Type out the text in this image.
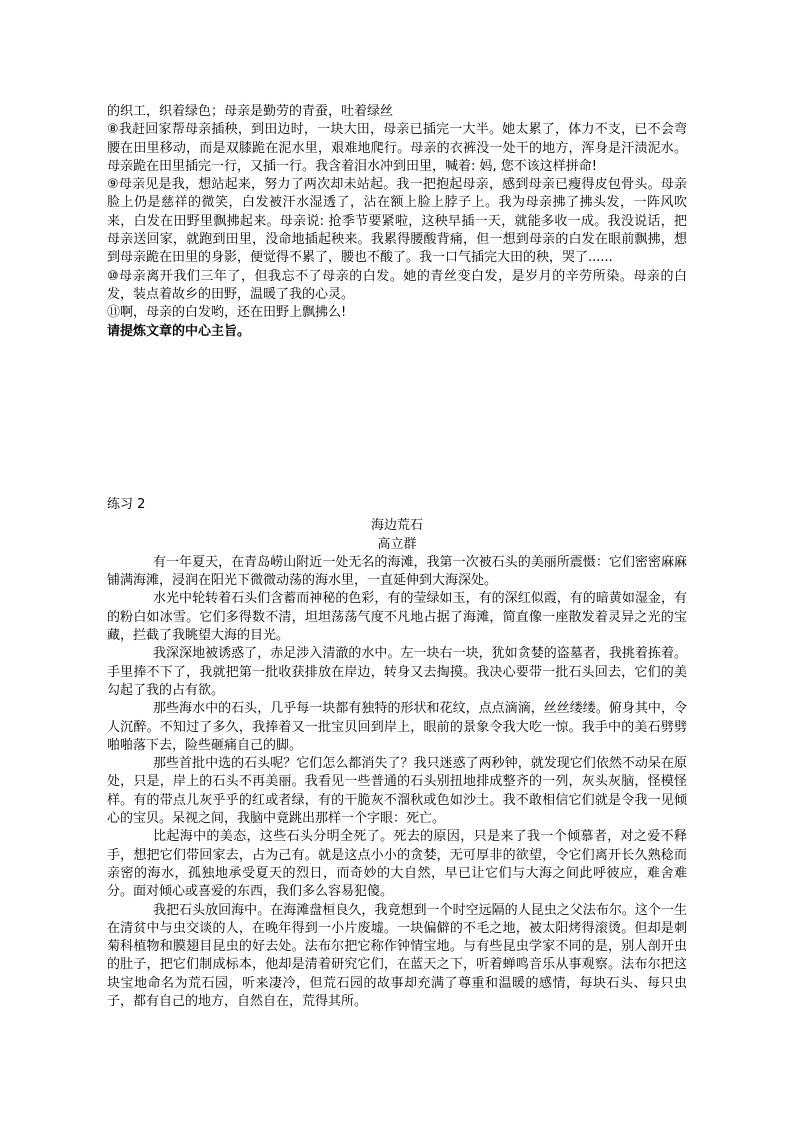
的织工，织着绿色；母亲是勤劳的青蚕，吐着绿丝

⑧我赶回家帮母亲插秧，到田边时，一块大田，母亲已插完一大半。她太累了，体力不支，已不会弯腰在田里移动，而是双膝跪在泥水里，艰难地爬行。母亲的衣裤没一处干的地方，浑身是汗渍泥水。母亲跪在田里插完一行，又插一行。我含着泪水冲到田里，喊着: 妈, 您不该这样拼命!

⑨母亲见是我，想站起来，努力了两次却未站起。我一把抱起母亲，感到母亲已瘦得皮包骨头。母亲脸上仍是慈祥的微笑，白发被汗水湿透了，沾在额上脸上脖子上。我为母亲拂了拂头发，一阵风吹来，白发在田野里飘拂起来。母亲说: 抢季节要紧啦，这秧早插一天，就能多收一成。我没说话，把母亲送回家，就跑到田里，没命地插起秧来。我累得腰酸背痛，但一想到母亲的白发在眼前飘拂，想到母亲跪在田里的身影，便觉得不累了，腰也不酸了。我一口气插完大田的秧，哭了......

⑩母亲离开我们三年了，但我忘不了母亲的白发。她的青丝变白发，是岁月的辛劳所染。母亲的白发，装点着故乡的田野，温暖了我的心灵。

⑪啊，母亲的白发哟，还在田野上飘拂么!

请提炼文章的中心主旨。

练习 2

海边荒石

高立群

有一年夏天，在青岛崂山附近一处无名的海滩，我第一次被石头的美丽所震慑：它们密密麻麻铺满海滩，浸润在阳光下微微动荡的海水里，一直延伸到大海深处。

水光中轮转着石头们含蓄而神秘的色彩，有的莹绿如玉，有的深红似霞，有的暗黄如湿金，有的粉白如冰雪。它们多得数不清，坦坦荡荡气度不凡地占据了海滩，简直像一座散发着灵异之光的宝藏，拦截了我眺望大海的目光。

我深深地被诱惑了，赤足涉入清澈的水中。左一块右一块，犹如贪婪的盗墓者，我挑着拣着。手里捧不下了，我就把第一批收获排放在岸边，转身又去掏摸。我决心要带一批石头回去，它们的美勾起了我的占有欲。

那些海水中的石头，几乎每一块都有独特的形状和花纹，点点滴滴，丝丝缕缕。俯身其中，令人沉醉。不知过了多久，我捧着又一批宝贝回到岸上，眼前的景象令我大吃一惊。我手中的美石劈劈啪啪落下去，险些砸痛自己的脚。

那些首批中选的石头呢？它们怎么都消失了？我只迷惑了两秒钟，就发现它们依然不动呆在原处，只是，岸上的石头不再美丽。我看见一些普通的石头别扭地排成整齐的一列，灰头灰脑，怪模怪样。有的带点儿灰乎乎的红或者绿，有的干脆灰不溜秋或色如沙土。我不敢相信它们就是令我一见倾心的宝贝。呆视之间，我脑中竟跳出那样一个字眼：死亡。

比起海中的美态，这些石头分明全死了。死去的原因，只是来了我一个倾慕者，对之爱不释手，想把它们带回家去，占为己有。就是这点小小的贪婪，无可厚非的欲望，令它们离开长久熟稔而亲密的海水，孤独地承受夏天的烈日，而奇妙的大自然，早已让它们与大海之间此呼彼应，难舍难分。面对倾心或喜爱的东西，我们多么容易犯傻。

我把石头放回海中。在海滩盘桓良久，我竟想到一个时空远隔的人昆虫之父法布尔。这个一生在清贫中与虫交谈的人，在晚年得到一小片废墟。一块偏僻的不毛之地，被太阳烤得滚烫。但却是刺菊科植物和膜翅目昆虫的好去处。法布尔把它称作钟情宝地。与有些昆虫学家不同的是，别人剖开虫的肚子，把它们制成标本，他却是清着研究它们，在蓝天之下，听着蝉鸣音乐从事观察。法布尔把这块宝地命名为荒石园，听来凄冷，但荒石园的故事却充满了尊重和温暖的感情，每块石头、每只虫子，都有自己的地方，自然自在，荒得其所。
